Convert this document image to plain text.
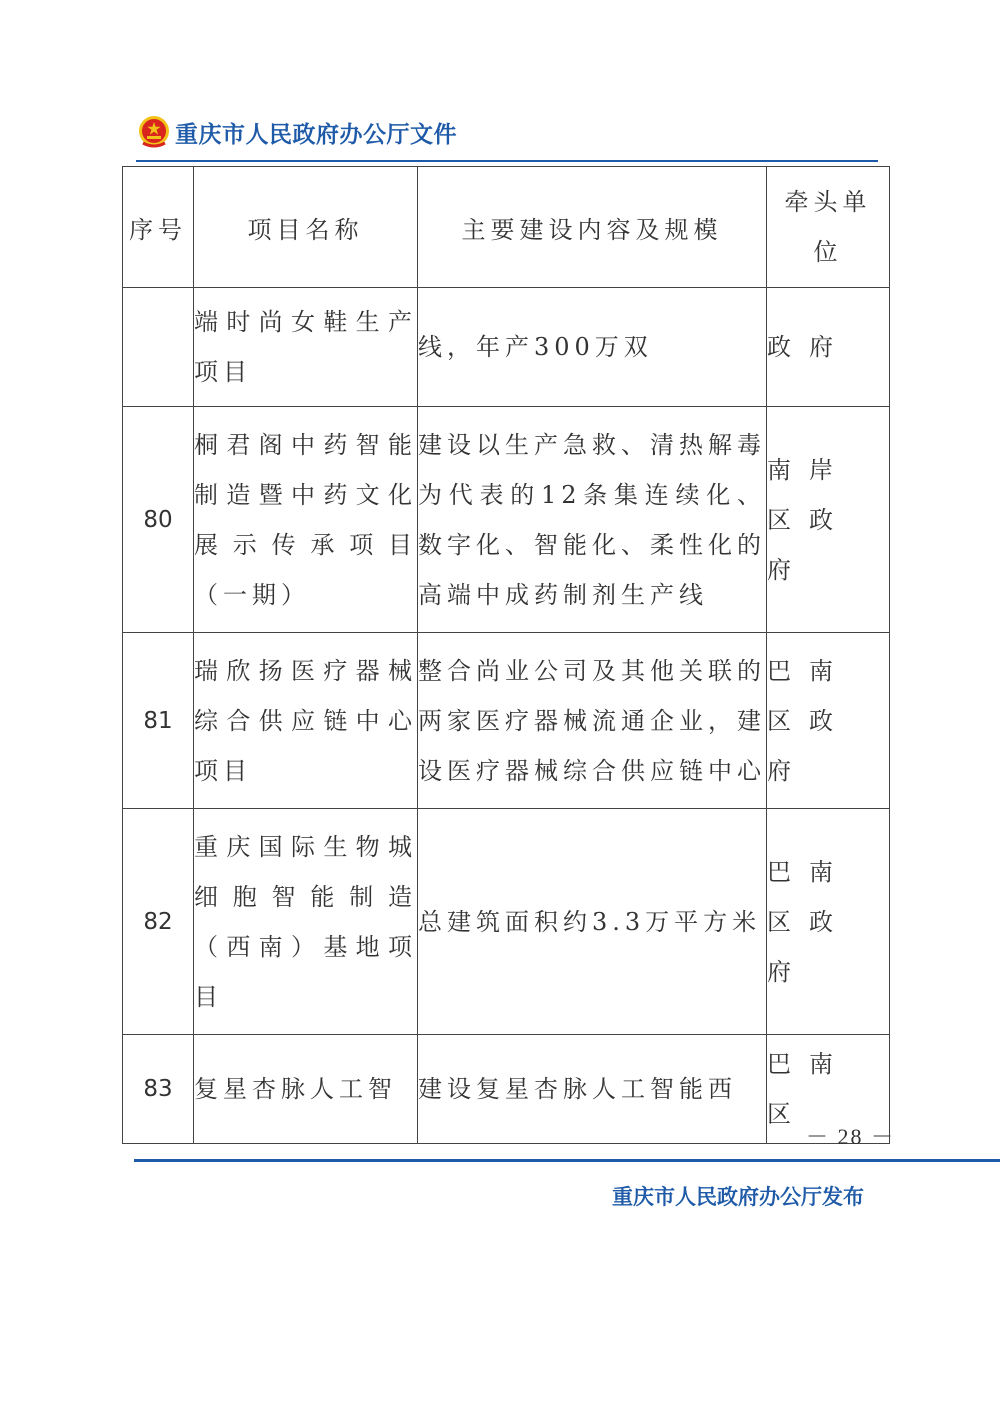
重庆市人民政府办公厅文件
序号	项目名称	主要建设内容及规模	牵头单位

	端时尚女鞋生产项目	线，年产300万双	政府
80	桐君阁中药智能制造暨中药文化展示传承项目（一期）	建设以生产急救、清热解毒为代表的12条集连续化、数字化、智能化、柔性化的高端中成药制剂生产线	南岸区政府
81	瑞欣扬医疗器械综合供应链中心项目	整合尚业公司及其他关联的两家医疗器械流通企业，建设医疗器械综合供应链中心	巴南区政府
82	重庆国际生物城细胞智能制造（西南）基地项目	总建筑面积约3.3万平方米	巴南区政府
83	复星杏脉人工智	建设复星杏脉人工智能西	巴南区
－ 28 －
重庆市人民政府办公厅发布
